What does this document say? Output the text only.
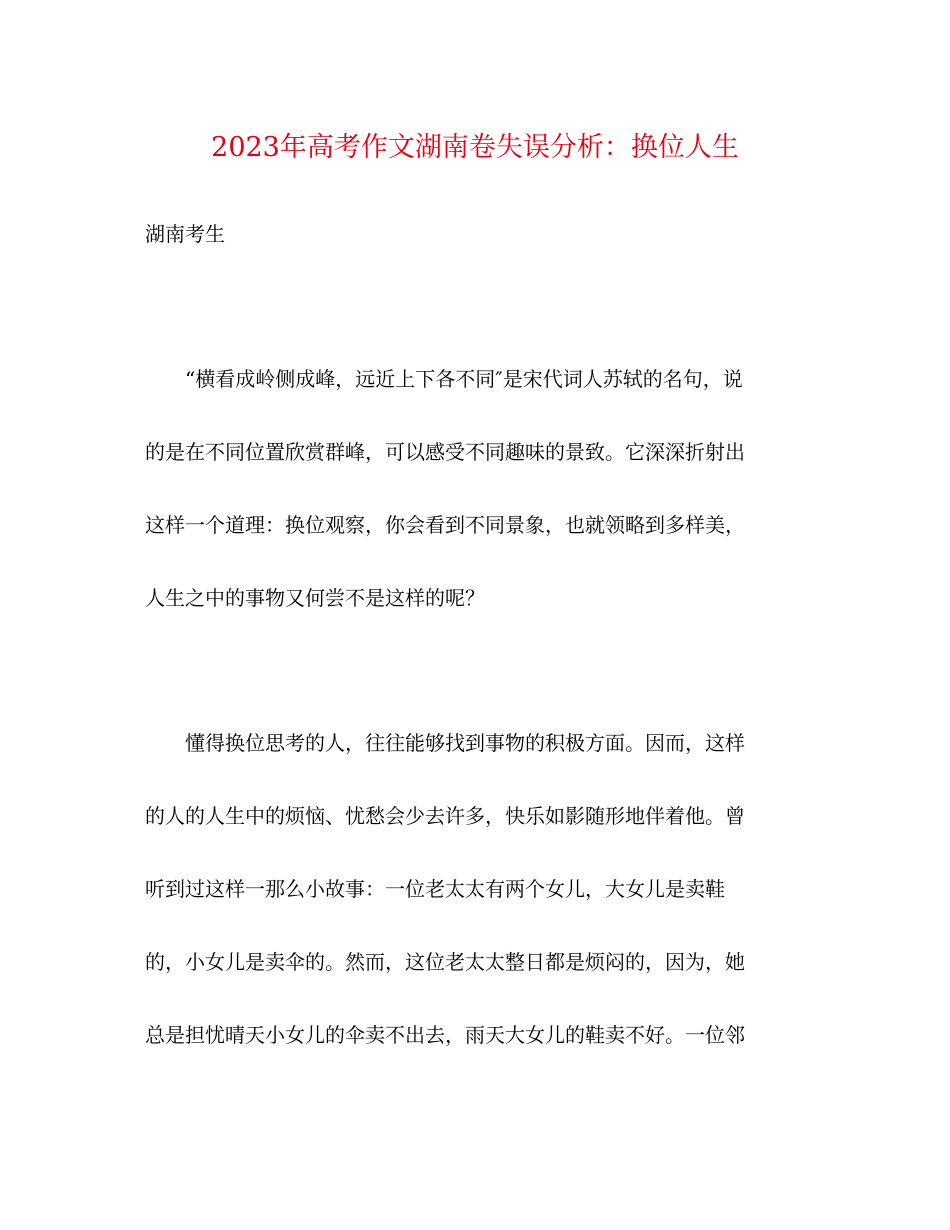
2023年高考作文湖南卷失误分析：换位人生
湖南考生
“横看成岭侧成峰，远近上下各不同″是宋代词人苏轼的名句，说
的是在不同位置欣赏群峰，可以感受不同趣味的景致。它深深折射出
这样一个道理：换位观察，你会看到不同景象，也就领略到多样美，
人生之中的事物又何尝不是这样的呢？
懂得换位思考的人，往往能够找到事物的积极方面。因而，这样
的人的人生中的烦恼、忧愁会少去许多，快乐如影随形地伴着他。曾
听到过这样一那么小故事：一位老太太有两个女儿，大女儿是卖鞋
的，小女儿是卖伞的。然而，这位老太太整日都是烦闷的，因为，她
总是担忧晴天小女儿的伞卖不出去，雨天大女儿的鞋卖不好。一位邻
